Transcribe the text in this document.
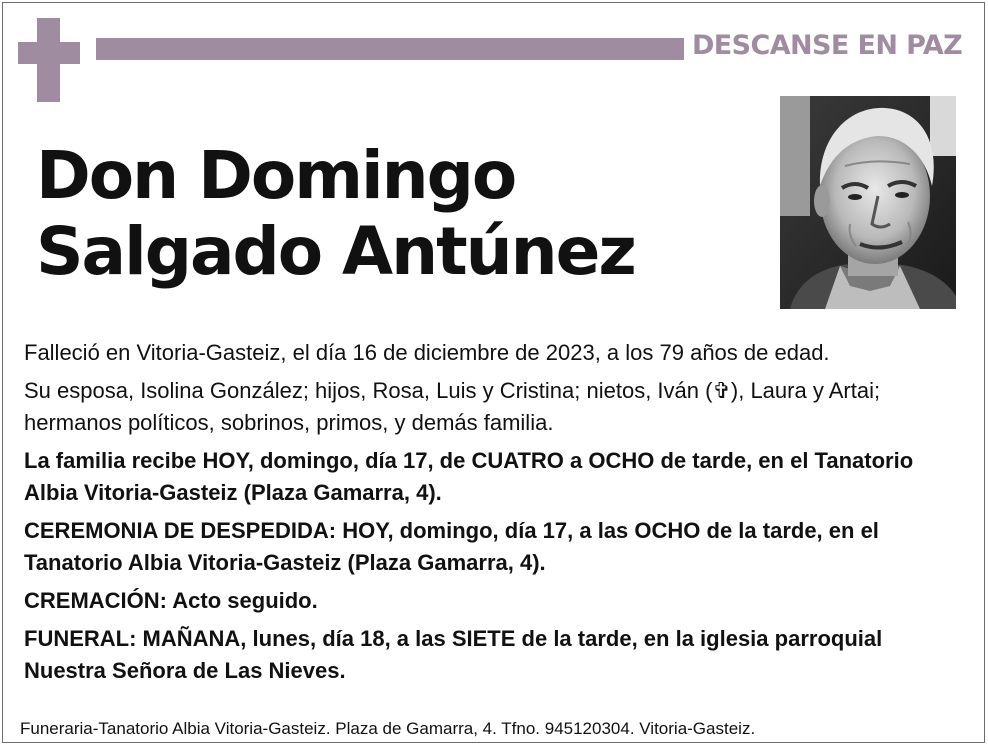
DESCANSE EN PAZ
Don Domingo
Salgado Antúnez

Falleció en Vitoria-Gasteiz, el día 16 de diciembre de 2023, a los 79 años de edad.

Su esposa, Isolina González; hijos, Rosa, Luis y Cristina; nietos, Iván (✞), Laura y Artai; hermanos políticos, sobrinos, primos, y demás familia.

La familia recibe HOY, domingo, día 17, de CUATRO a OCHO de tarde, en el Tanatorio Albia Vitoria-Gasteiz (Plaza Gamarra, 4).

CEREMONIA DE DESPEDIDA: HOY, domingo, día 17, a las OCHO de la tarde, en el Tanatorio Albia Vitoria-Gasteiz (Plaza Gamarra, 4).

CREMACIÓN: Acto seguido.

FUNERAL: MAÑANA, lunes, día 18, a las SIETE de la tarde, en la iglesia parroquial Nuestra Señora de Las Nieves.

Funeraria-Tanatorio Albia Vitoria-Gasteiz. Plaza de Gamarra, 4. Tfno. 945120304. Vitoria-Gasteiz.
